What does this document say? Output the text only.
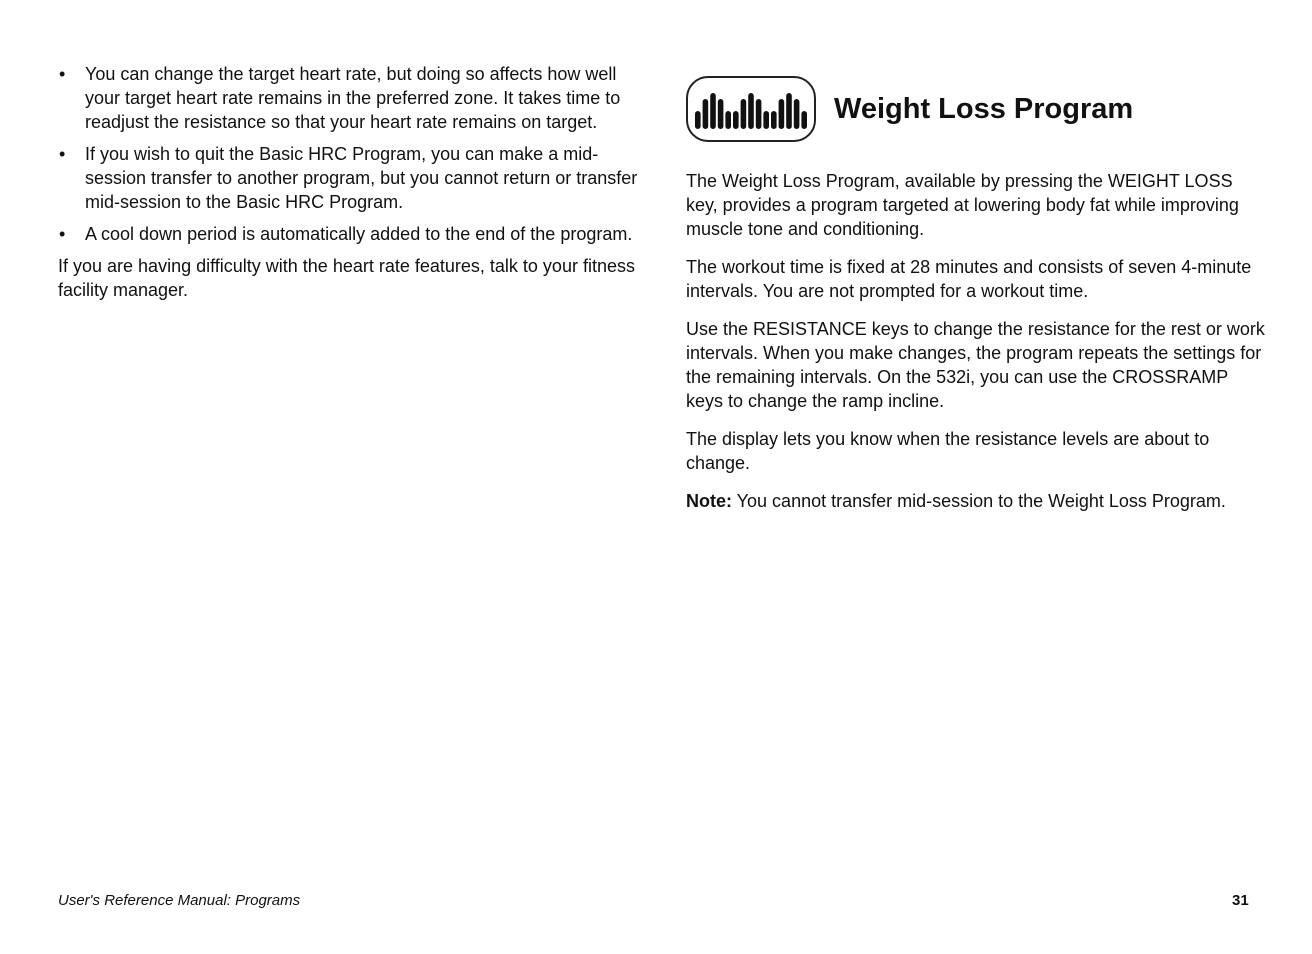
• You can change the target heart rate, but doing so affects how well your target heart rate remains in the preferred zone. It takes time to readjust the resistance so that your heart rate remains on target.
• If you wish to quit the Basic HRC Program, you can make a mid-session transfer to another program, but you cannot return or transfer mid-session to the Basic HRC Program.
• A cool down period is automatically added to the end of the program.

If you are having difficulty with the heart rate features, talk to your fitness facility manager.

Weight Loss Program

The Weight Loss Program, available by pressing the WEIGHT LOSS key, provides a program targeted at lowering body fat while improving muscle tone and conditioning.

The workout time is fixed at 28 minutes and consists of seven 4-minute intervals. You are not prompted for a workout time.

Use the RESISTANCE keys to change the resistance for the rest or work intervals. When you make changes, the program repeats the settings for the remaining intervals. On the 532i, you can use the CROSSRAMP keys to change the ramp incline.

The display lets you know when the resistance levels are about to change.

Note: You cannot transfer mid-session to the Weight Loss Program.

User's Reference Manual: Programs	31
